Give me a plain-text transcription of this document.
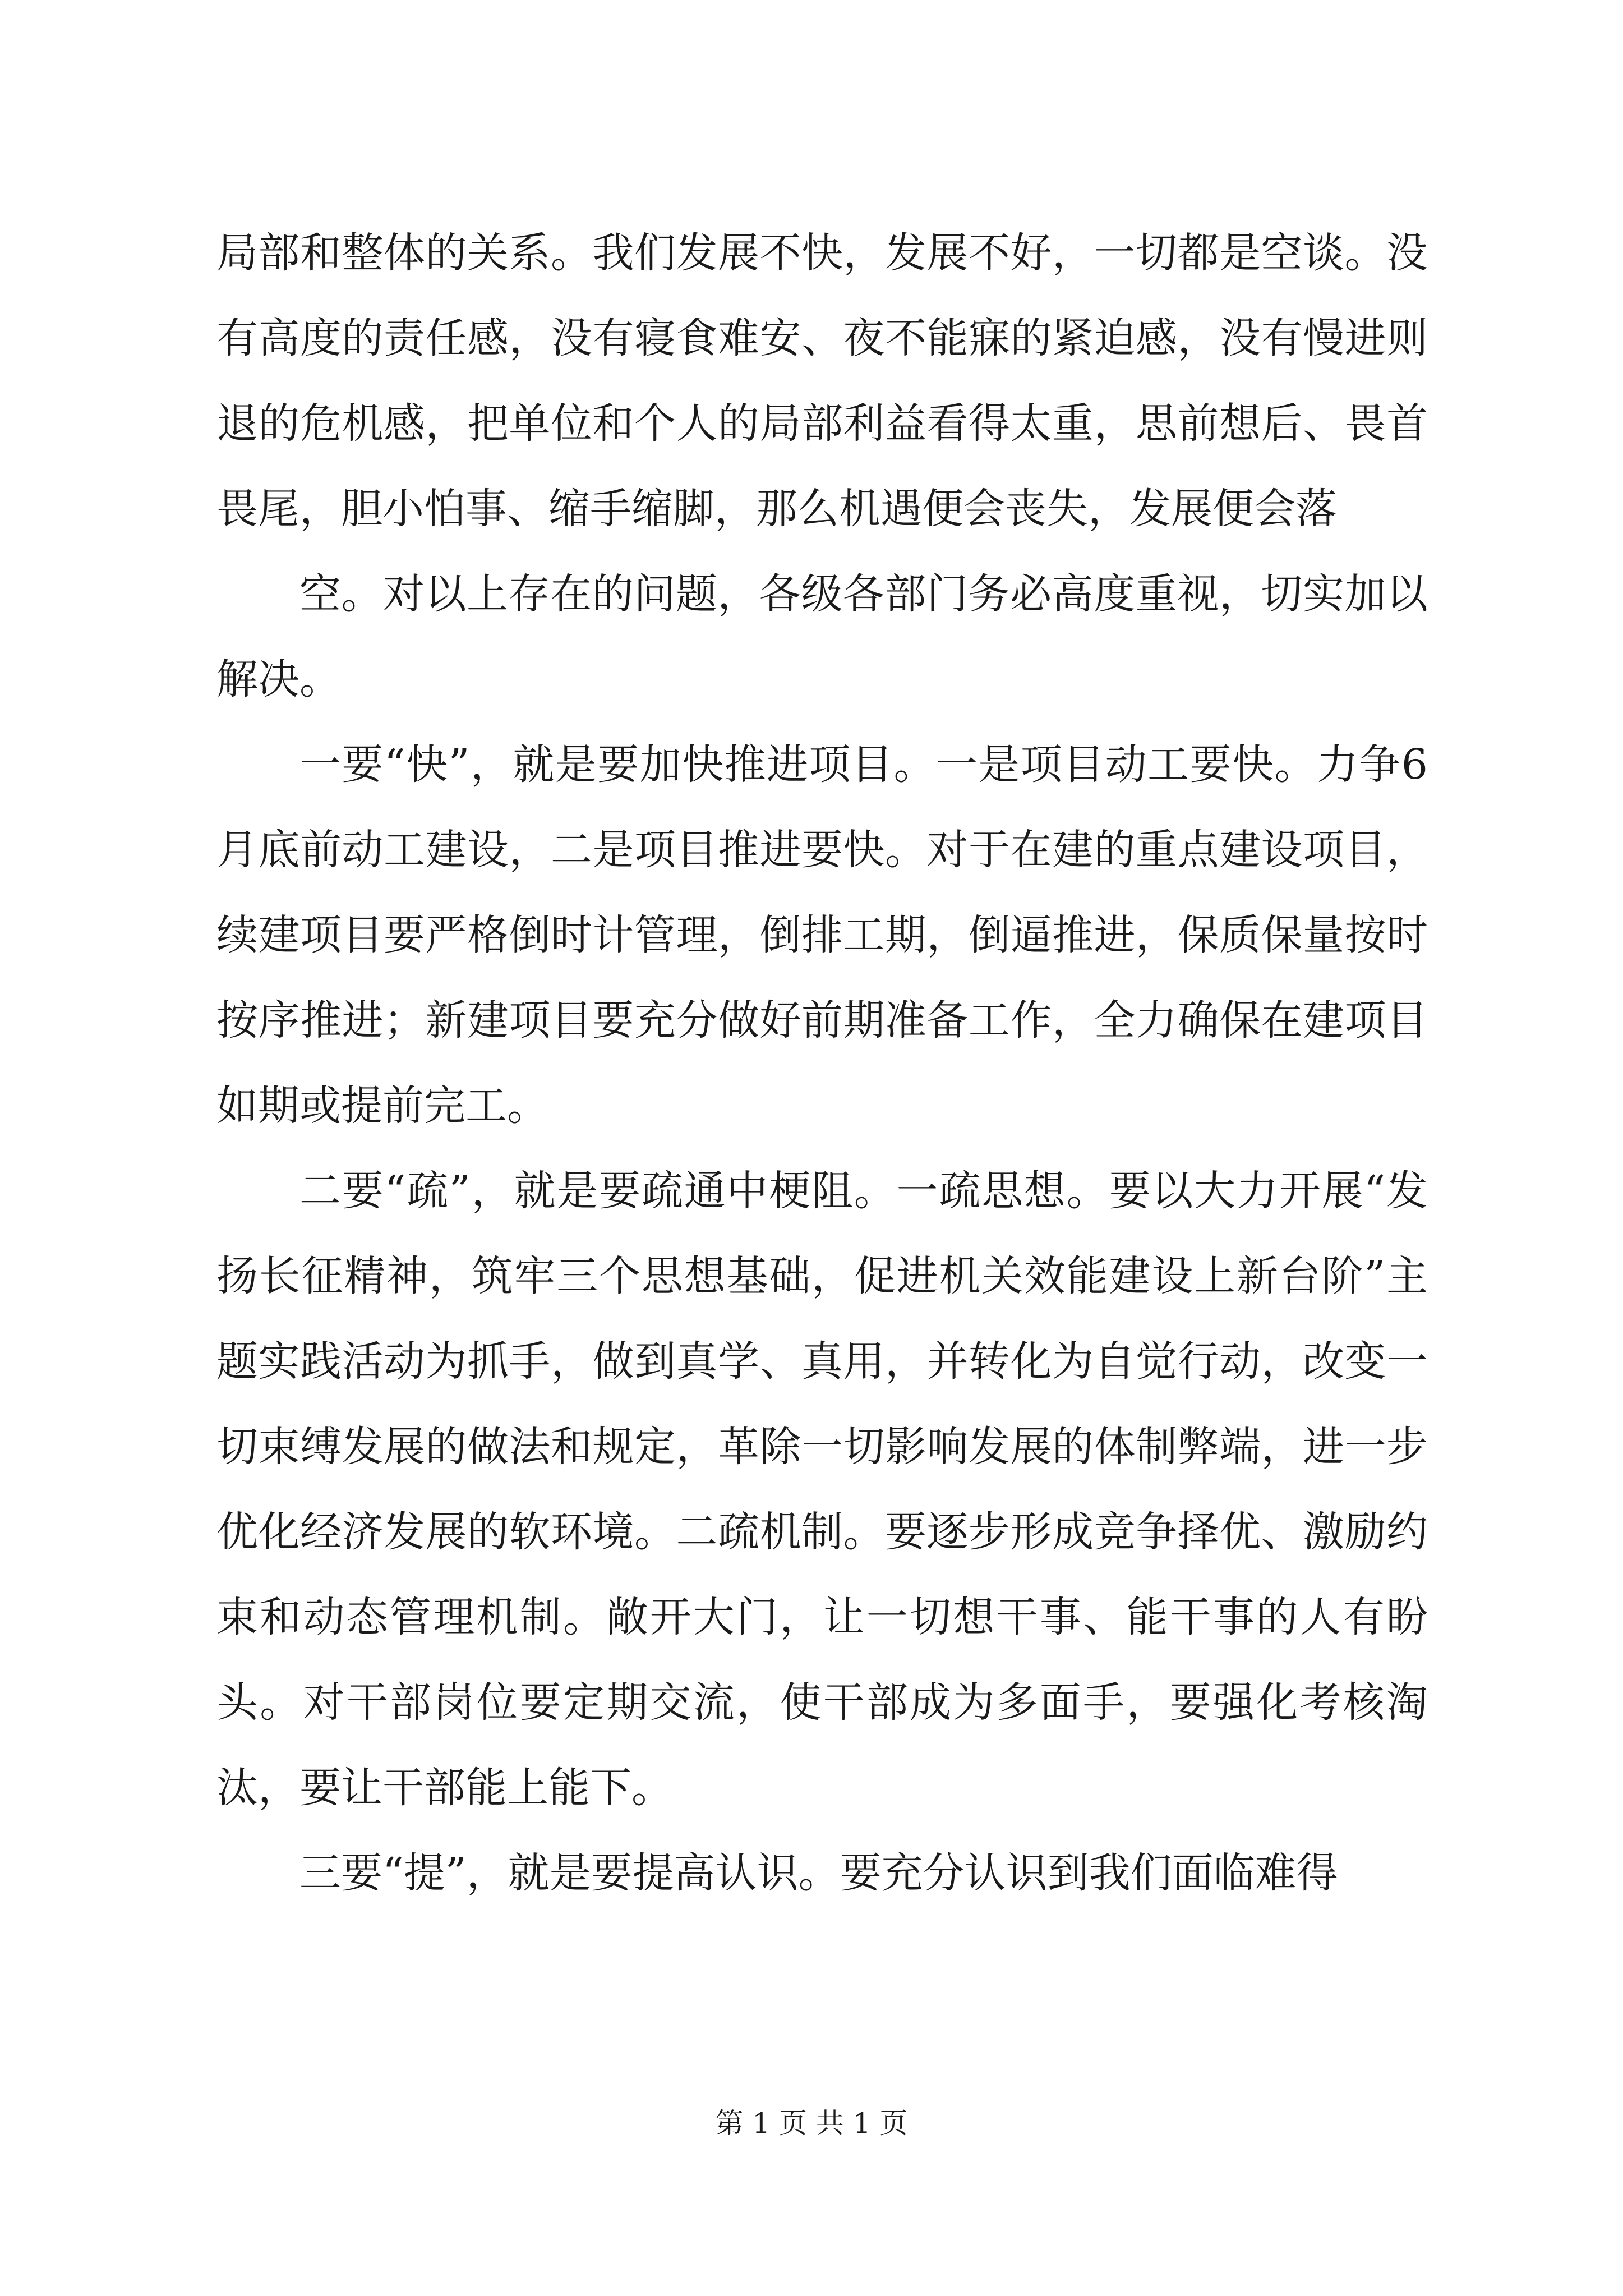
局部和整体的关系。我们发展不快，发展不好，一切都是空谈。没有高度的责任感，没有寝食难安、夜不能寐的紧迫感，没有慢进则退的危机感，把单位和个人的局部利益看得太重，思前想后、畏首畏尾，胆小怕事、缩手缩脚，那么机遇便会丧失，发展便会落

空。对以上存在的问题，各级各部门务必高度重视，切实加以解决。

一要“快”，就是要加快推进项目。一是项目动工要快。力争6月底前动工建设，二是项目推进要快。对于在建的重点建设项目，续建项目要严格倒时计管理，倒排工期，倒逼推进，保质保量按时按序推进；新建项目要充分做好前期准备工作，全力确保在建项目如期或提前完工。

二要“疏”，就是要疏通中梗阻。一疏思想。要以大力开展“发扬长征精神，筑牢三个思想基础，促进机关效能建设上新台阶”主题实践活动为抓手，做到真学、真用，并转化为自觉行动，改变一切束缚发展的做法和规定，革除一切影响发展的体制弊端，进一步优化经济发展的软环境。二疏机制。要逐步形成竞争择优、激励约束和动态管理机制。敞开大门，让一切想干事、能干事的人有盼头。对干部岗位要定期交流，使干部成为多面手，要强化考核淘汰，要让干部能上能下。

三要“提”，就是要提高认识。要充分认识到我们面临难得

第 1 页 共 1 页
